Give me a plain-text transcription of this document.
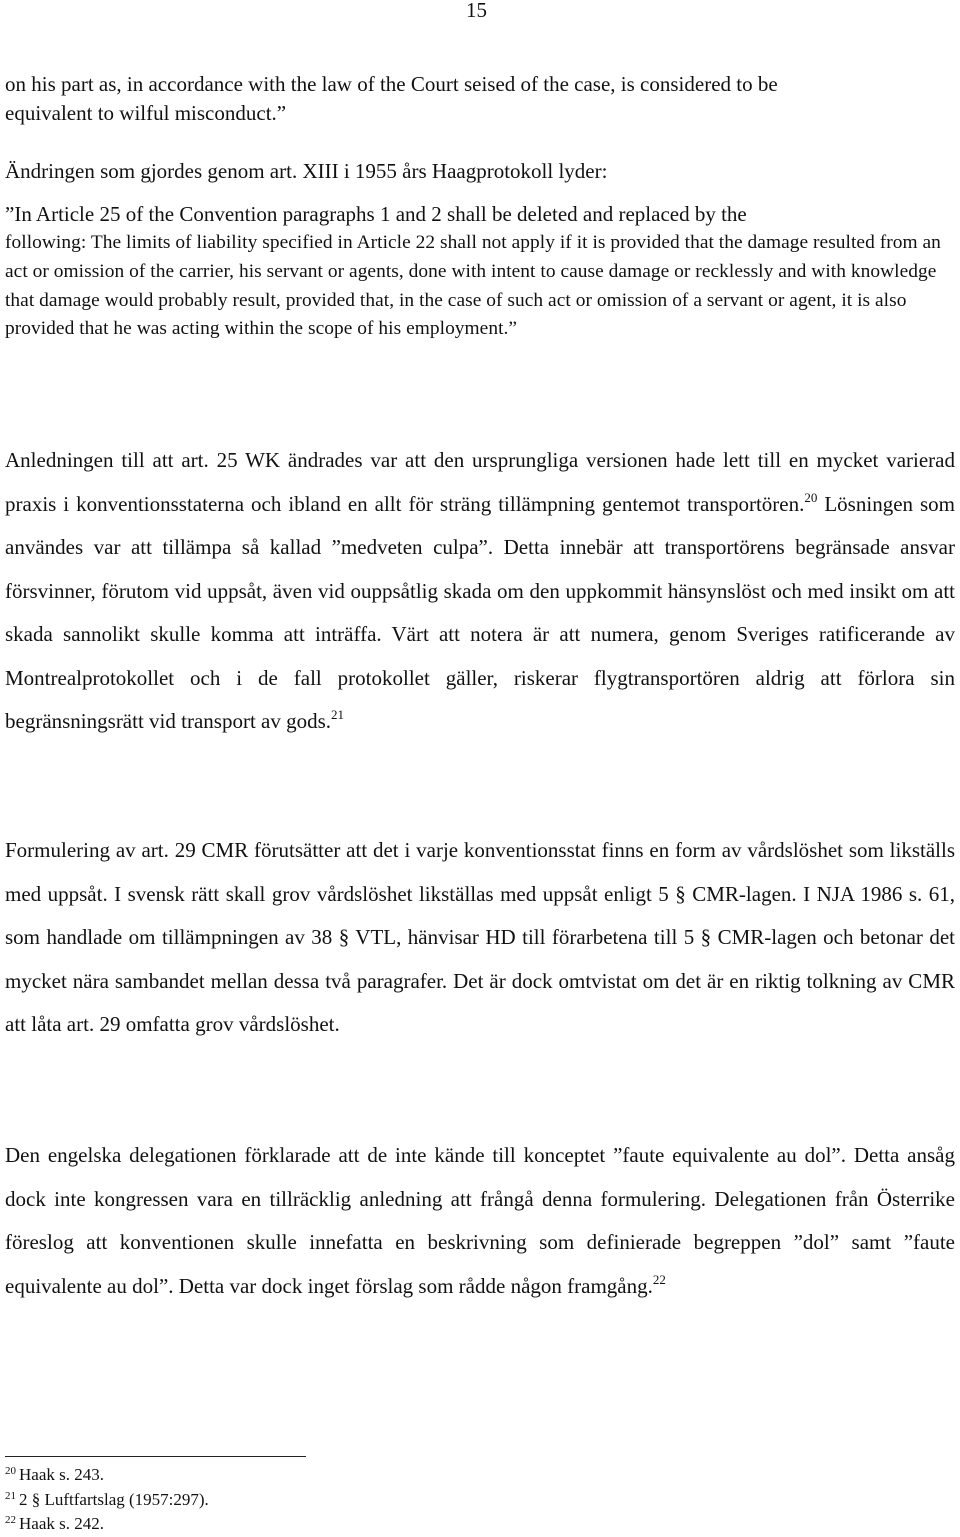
15

on his part as, in accordance with the law of the Court seised of the case, is considered to be
equivalent to wilful misconduct.”

Ändringen som gjordes genom art. XIII i 1955 års Haagprotokoll lyder:

”In Article 25 of the Convention paragraphs 1 and 2 shall be deleted and replaced by the
following: The limits of liability specified in Article 22 shall not apply if it is provided that the damage resulted from an act or omission of the carrier, his servant or agents, done with intent to cause damage or recklessly and with knowledge that damage would probably result, provided that, in the case of such act or omission of a servant or agent, it is also provided that he was acting within the scope of his employment.”

Anledningen till att art. 25 WK ändrades var att den ursprungliga versionen hade lett till en mycket varierad praxis i konventionsstaterna och ibland en allt för sträng tillämpning gentemot transportören.$^{20}$ Lösningen som användes var att tillämpa så kallad ”medveten culpa”. Detta innebär att transportörens begränsade ansvar försvinner, förutom vid uppsåt, även vid ouppsåtlig skada om den uppkommit hänsynslöst och med insikt om att skada sannolikt skulle komma att inträffa. Värt att notera är att numera, genom Sveriges ratificerande av Montrealprotokollet och i de fall protokollet gäller, riskerar flygtransportören aldrig att förlora sin begränsningsrätt vid transport av gods.$^{21}$

Formulering av art. 29 CMR förutsätter att det i varje konventionsstat finns en form av vårdslöshet som likställs med uppsåt. I svensk rätt skall grov vårdslöshet likställas med uppsåt enligt 5 § CMR-lagen. I NJA 1986 s. 61, som handlade om tillämpningen av 38 § VTL, hänvisar HD till förarbetena till 5 § CMR-lagen och betonar det mycket nära sambandet mellan dessa två paragrafer. Det är dock omtvistat om det är en riktig tolkning av CMR att låta art. 29 omfatta grov vårdslöshet.

Den engelska delegationen förklarade att de inte kände till konceptet ”faute equivalente au dol”. Detta ansåg dock inte kongressen vara en tillräcklig anledning att frångå denna formulering. Delegationen från Österrike föreslog att konventionen skulle innefatta en beskrivning som definierade begreppen ”dol” samt ”faute equivalente au dol”. Detta var dock inget förslag som rådde någon framgång.$^{22}$

$^{20}$ Haak s. 243.
$^{21}$ 2 § Luftfartslag (1957:297).
$^{22}$ Haak s. 242.
